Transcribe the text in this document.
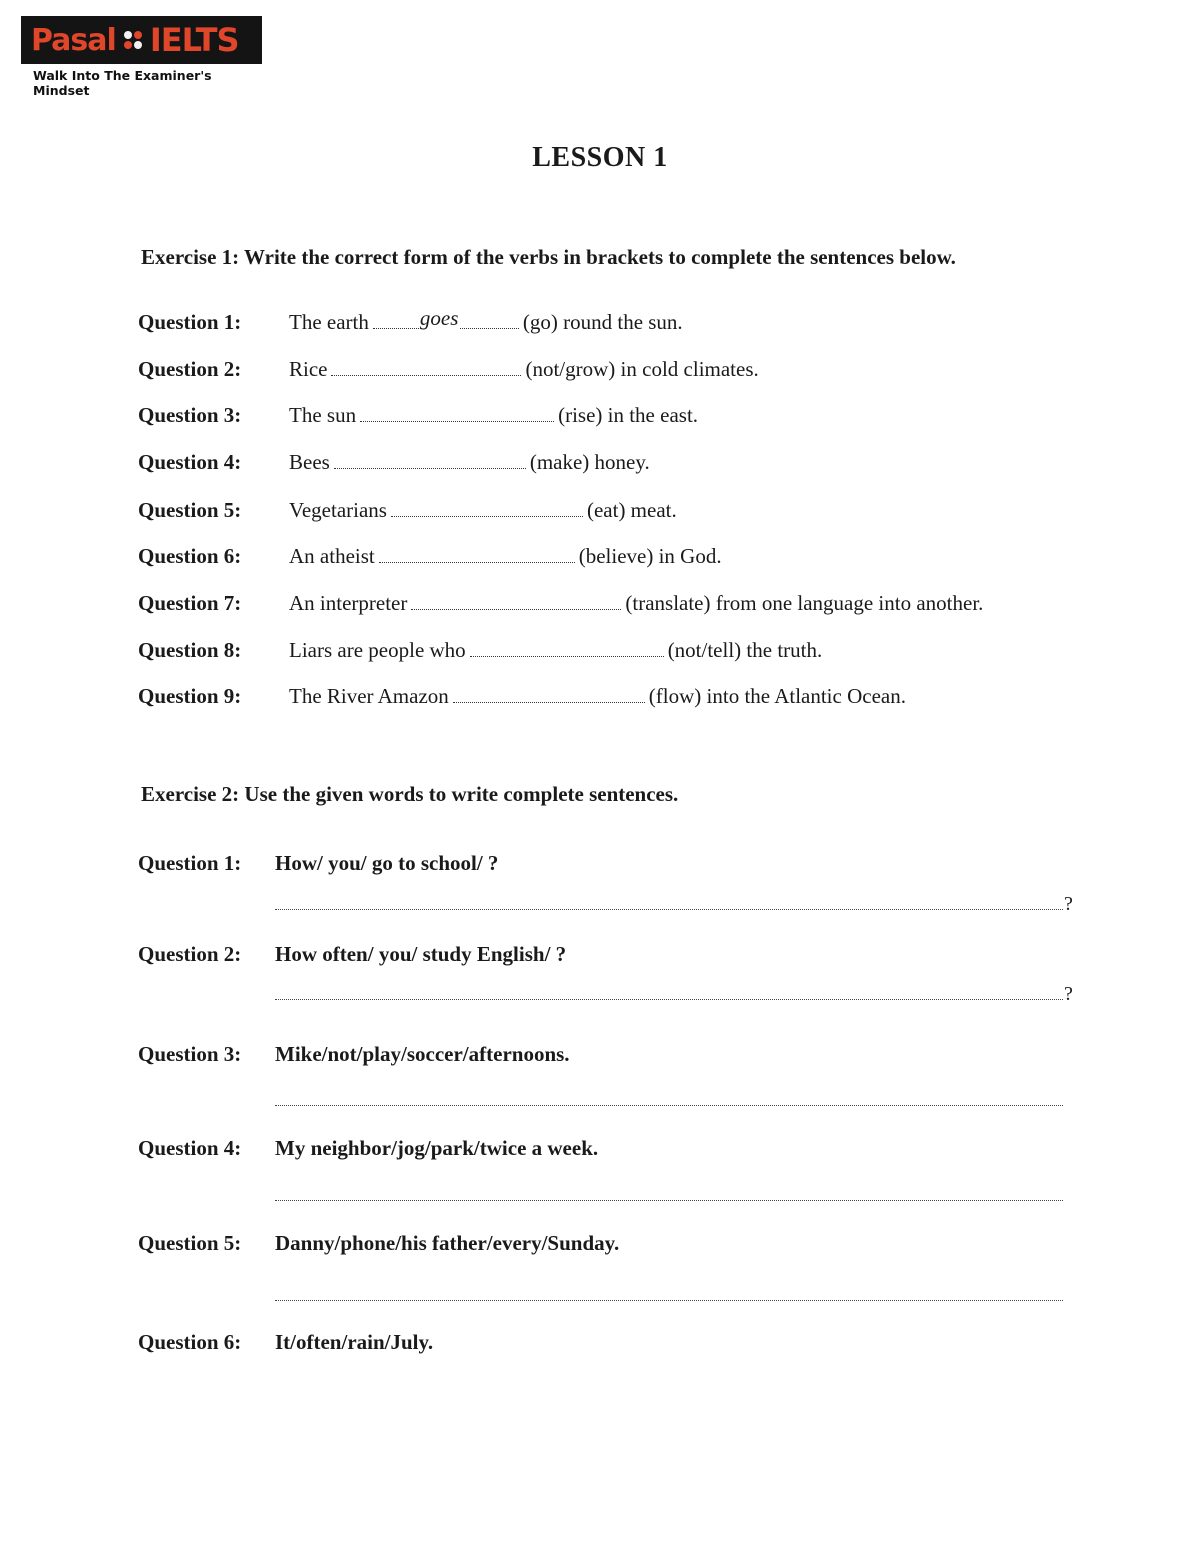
Pasal IELTS
Walk Into The Examiner's Mindset
LESSON 1
Exercise 1: Write the correct form of the verbs in brackets to complete the sentences below.
Question 1: The earth goes	(go) round the sun.
Question 2: Rice	(not/grow) in cold climates.
Question 3: The sun	(rise) in the east.
Question 4: Bees	(make) honey.
Question 5: Vegetarians	(eat) meat.
Question 6: An atheist	(believe) in God.
Question 7: An interpreter	(translate) from one language into another.
Question 8: Liars are people who	(not/tell) the truth.
Question 9: The River Amazon	(flow) into the Atlantic Ocean.
Exercise 2: Use the given words to write complete sentences.
Question 1: How/ you/ go to school/ ?
?
Question 2: How often/ you/ study English/ ?
?
Question 3: Mike/not/play/soccer/afternoons.
Question 4: My neighbor/jog/park/twice a week.
Question 5: Danny/phone/his father/every/Sunday.
Question 6: It/often/rain/July.
